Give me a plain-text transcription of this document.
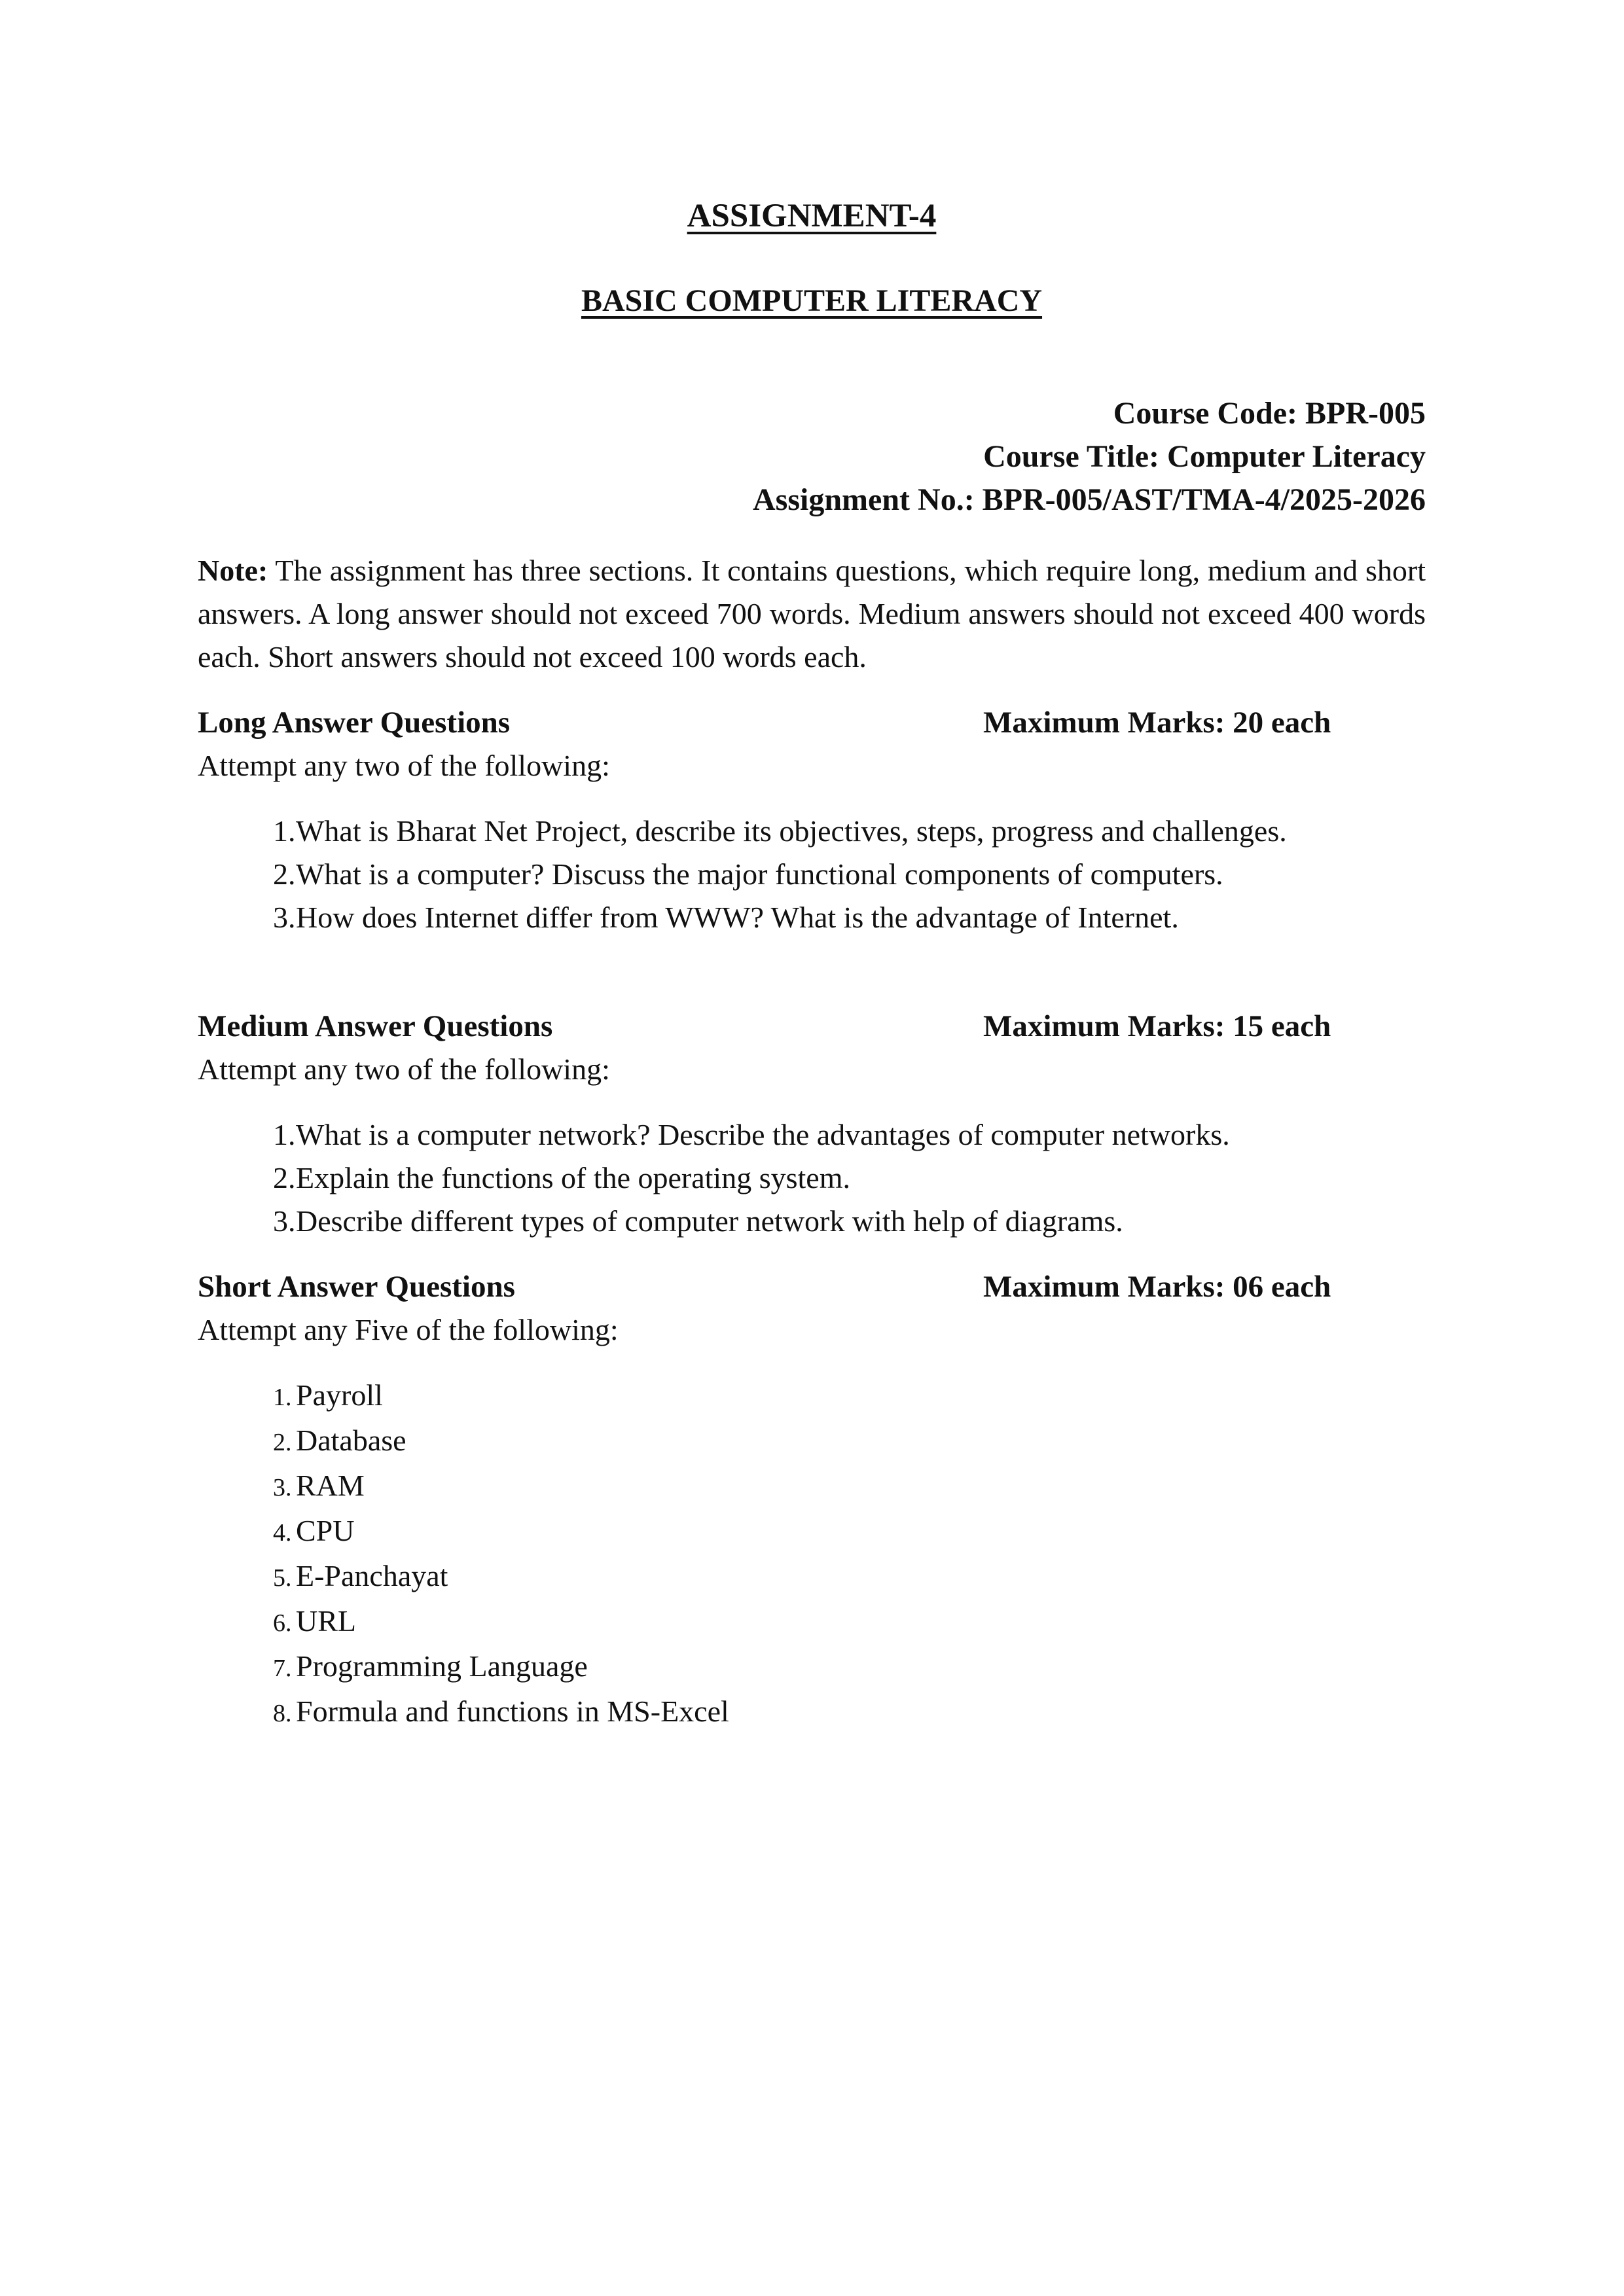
ASSIGNMENT-4
BASIC COMPUTER LITERACY
Course Code: BPR-005
Course Title: Computer Literacy
Assignment No.: BPR-005/AST/TMA-4/2025-2026
Note: The assignment has three sections. It contains questions, which require long, medium and short answers. A long answer should not exceed 700 words. Medium answers should not exceed 400 words each. Short answers should not exceed 100 words each.
Long Answer Questions	Maximum Marks: 20 each
Attempt any two of the following:
1. What is Bharat Net Project, describe its objectives, steps, progress and challenges.
2. What is a computer? Discuss the major functional components of computers.
3. How does Internet differ from WWW? What is the advantage of Internet.
Medium Answer Questions	Maximum Marks: 15 each
Attempt any two of the following:
1. What is a computer network? Describe the advantages of computer networks.
2. Explain the functions of the operating system.
3. Describe different types of computer network with help of diagrams.
Short Answer Questions	Maximum Marks: 06 each
Attempt any Five of the following:
1. Payroll
2. Database
3. RAM
4. CPU
5. E-Panchayat
6. URL
7. Programming Language
8. Formula and functions in MS-Excel
